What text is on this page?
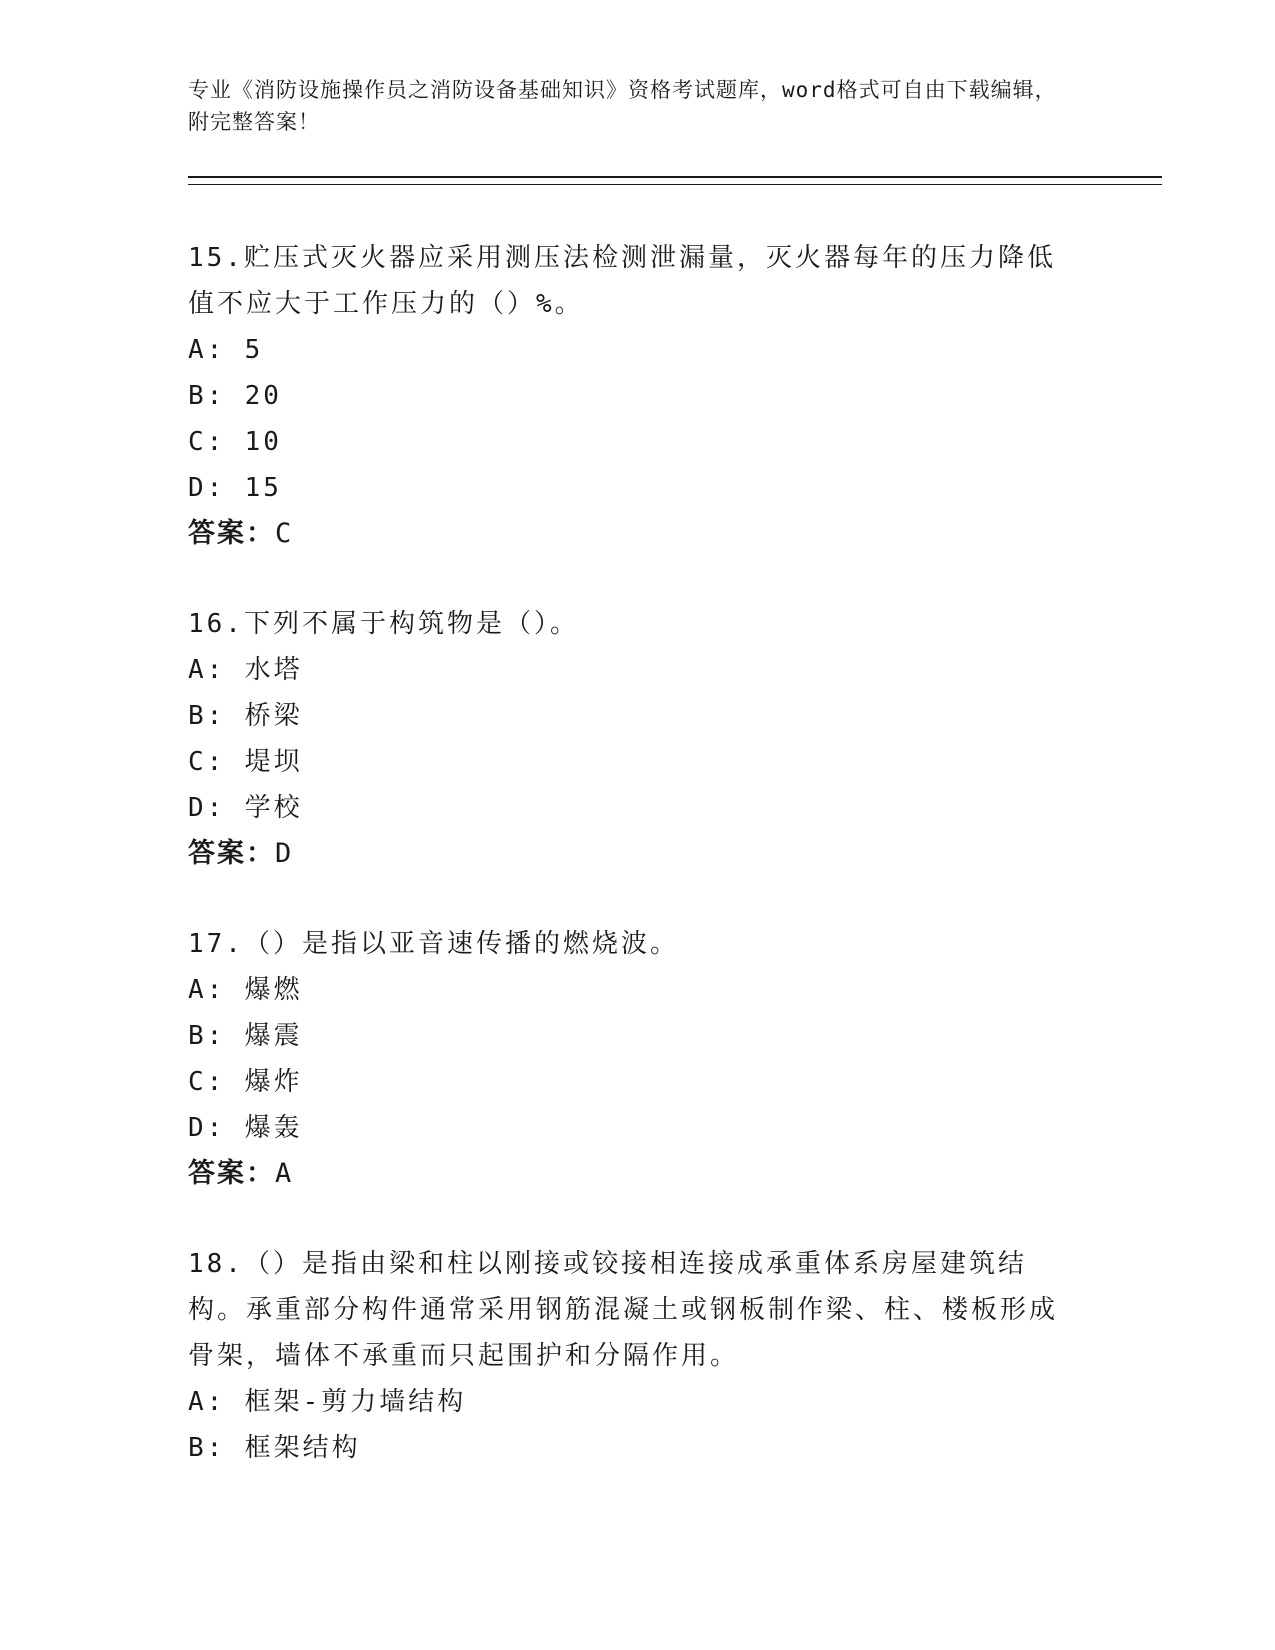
专业《消防设施操作员之消防设备基础知识》资格考试题库，word格式可自由下载编辑，附完整答案！
15.贮压式灭火器应采用测压法检测泄漏量，灭火器每年的压力降低值不应大于工作压力的（）%。
A : 5
B : 20
C : 10
D : 15
答案：C
16.下列不属于构筑物是（）。
A : 水塔
B : 桥梁
C : 堤坝
D : 学校
答案：D
17.（）是指以亚音速传播的燃烧波。
A : 爆燃
B : 爆震
C : 爆炸
D : 爆轰
答案：A
18.（）是指由梁和柱以刚接或铰接相连接成承重体系房屋建筑结构。承重部分构件通常采用钢筋混凝土或钢板制作梁、柱、楼板形成骨架，墙体不承重而只起围护和分隔作用。
A : 框架-剪力墙结构
B : 框架结构
